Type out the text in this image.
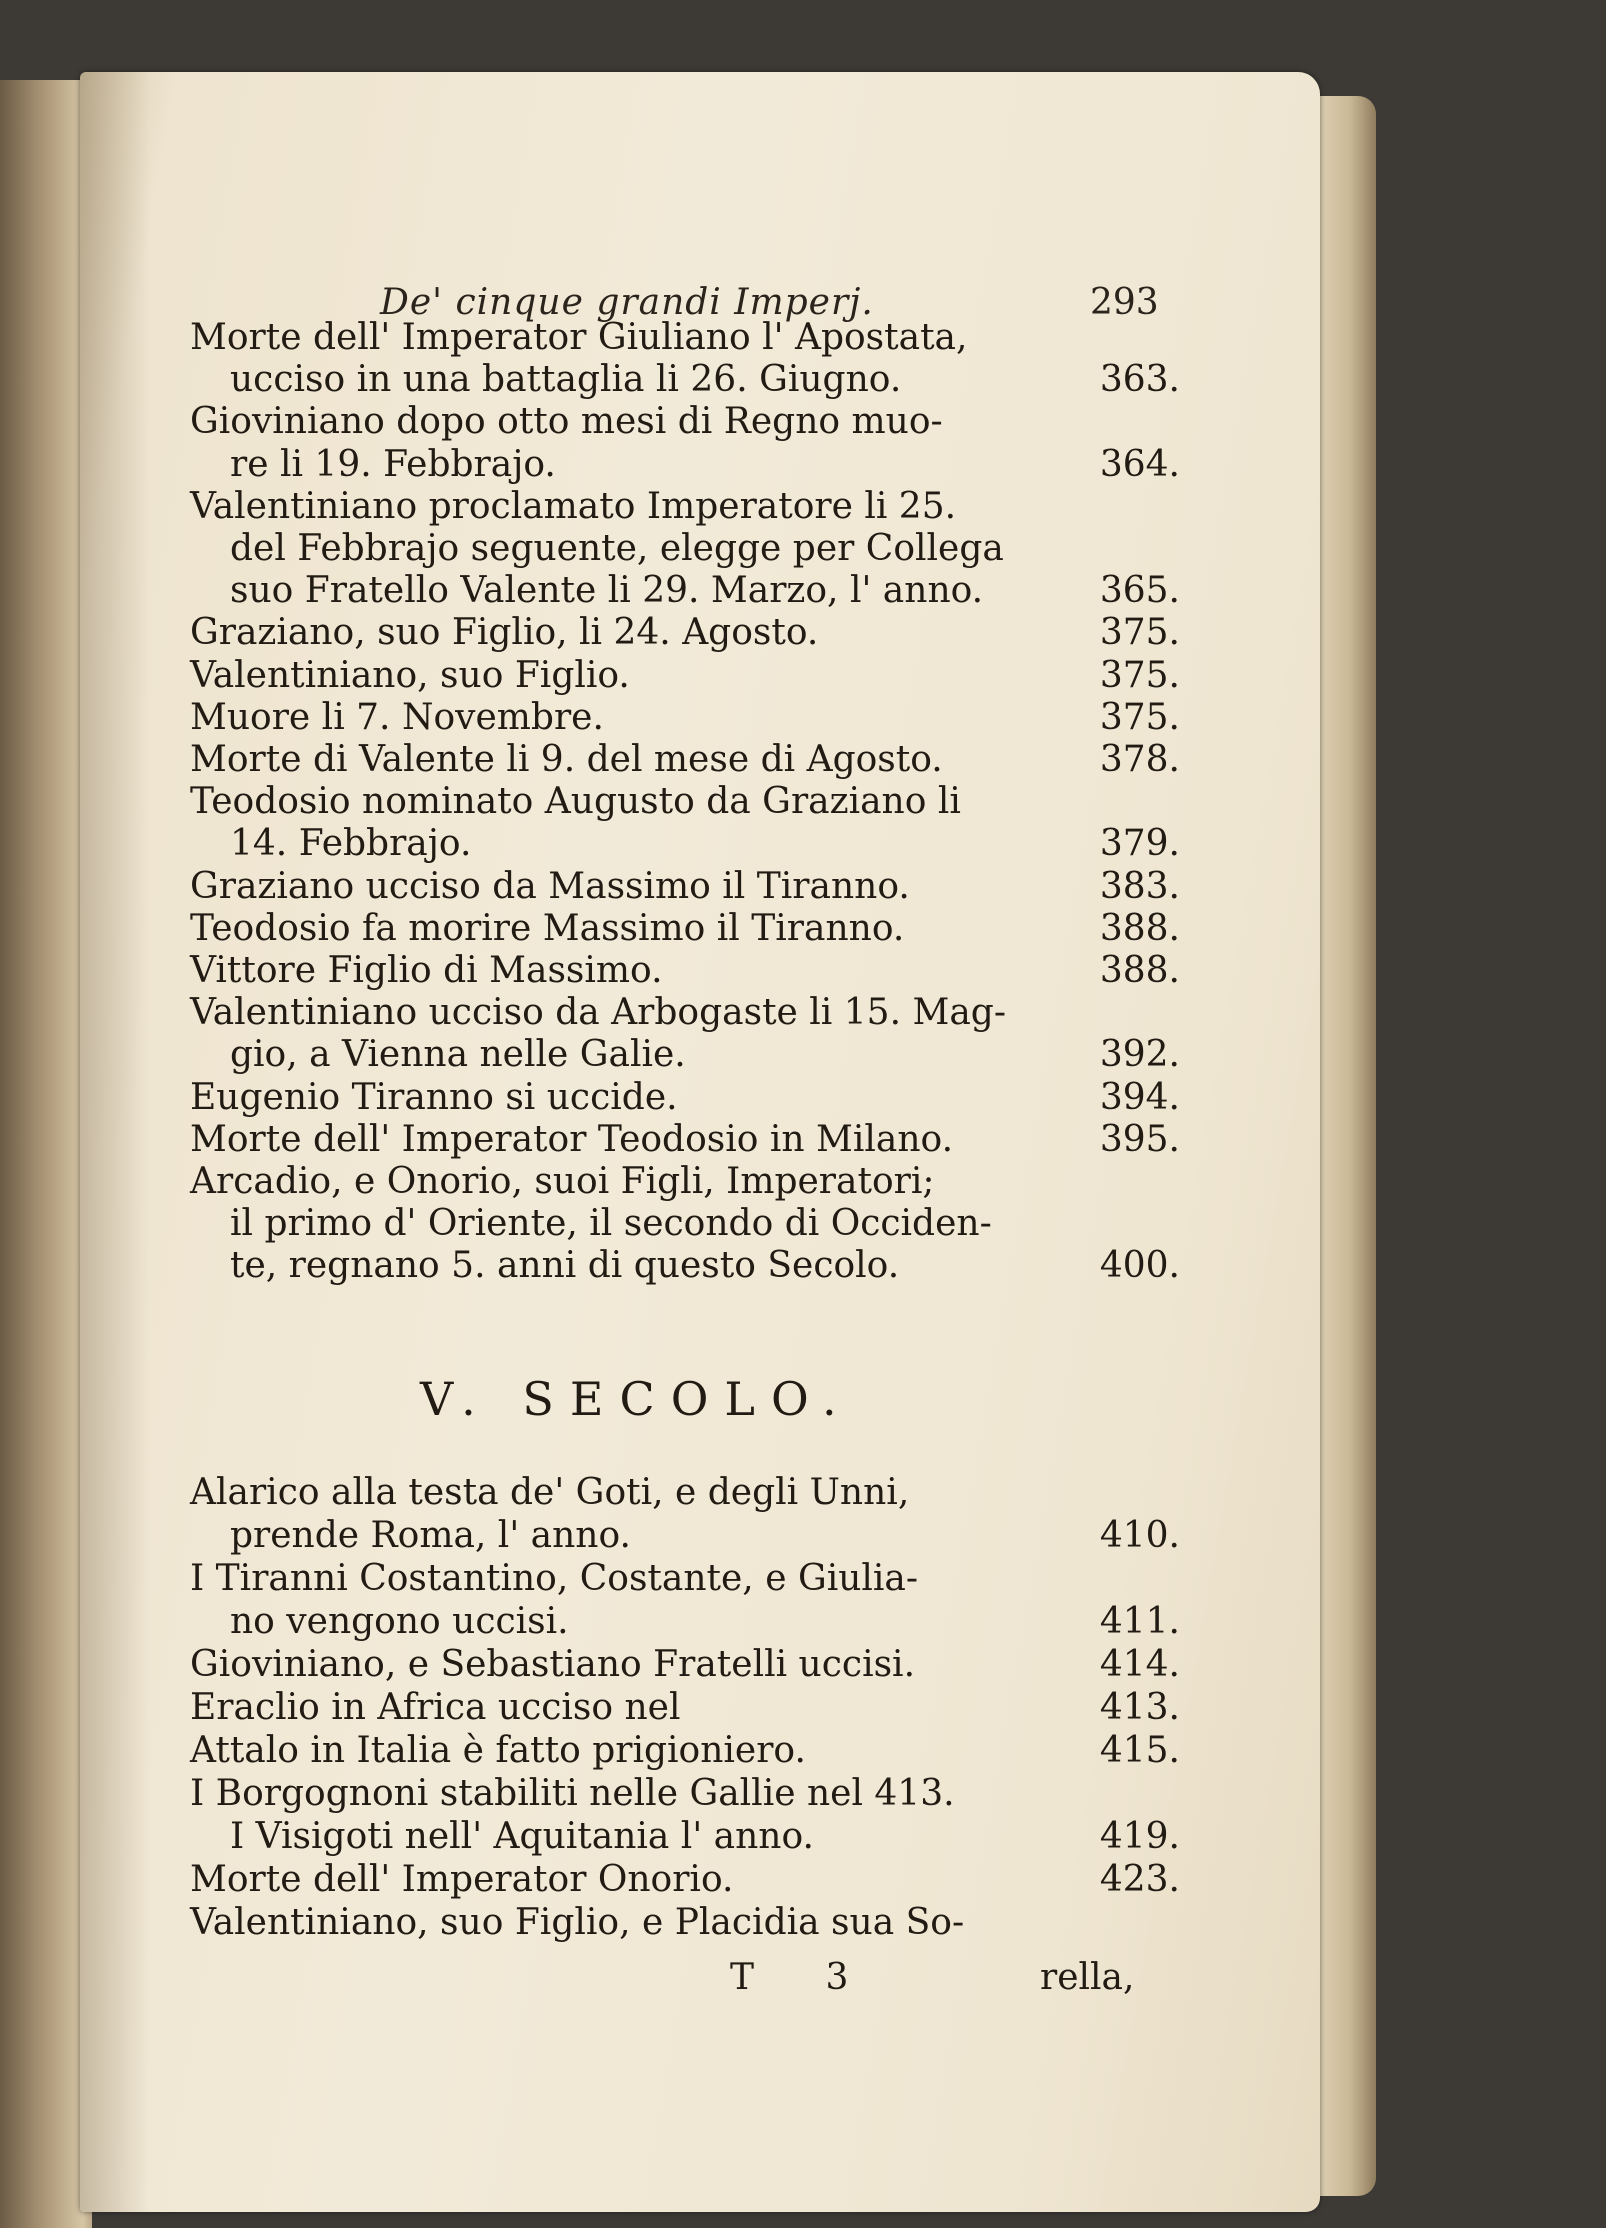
De' cinque grandi Imperj.	293
Morte dell' Imperator Giuliano l' Apostata,
ucciso in una battaglia li 26. Giugno.	363.
Gioviniano dopo otto mesi di Regno muo-
re li 19. Febbrajo.	364.
Valentiniano proclamato Imperatore li 25.
del Febbrajo seguente, elegge per Collega
suo Fratello Valente li 29. Marzo, l' anno.	365.
Graziano, suo Figlio, li 24. Agosto.	375.
Valentiniano, suo Figlio.	375.
Muore li 7. Novembre.	375.
Morte di Valente li 9. del mese di Agosto.	378.
Teodosio nominato Augusto da Graziano li
14. Febbrajo.	379.
Graziano ucciso da Massimo il Tiranno.	383.
Teodosio fa morire Massimo il Tiranno.	388.
Vittore Figlio di Massimo.	388.
Valentiniano ucciso da Arbogaste li 15. Mag-
gio, a Vienna nelle Galie.	392.
Eugenio Tiranno si uccide.	394.
Morte dell' Imperator Teodosio in Milano.	395.
Arcadio, e Onorio, suoi Figli, Imperatori;
il primo d' Oriente, il secondo di Occiden-
te, regnano 5. anni di questo Secolo.	400.
V. SECOLO.
Alarico alla testa de' Goti, e degli Unni,
prende Roma, l' anno.	410.
I Tiranni Costantino, Costante, e Giulia-
no vengono uccisi.	411.
Gioviniano, e Sebastiano Fratelli uccisi.	414.
Eraclio in Africa ucciso nel	413.
Attalo in Italia è fatto prigioniero.	415.
I Borgognoni stabiliti nelle Gallie nel 413.
I Visigoti nell' Aquitania l' anno.	419.
Morte dell' Imperator Onorio.	423.
Valentiniano, suo Figlio, e Placidia sua So-
T 3	rella,
